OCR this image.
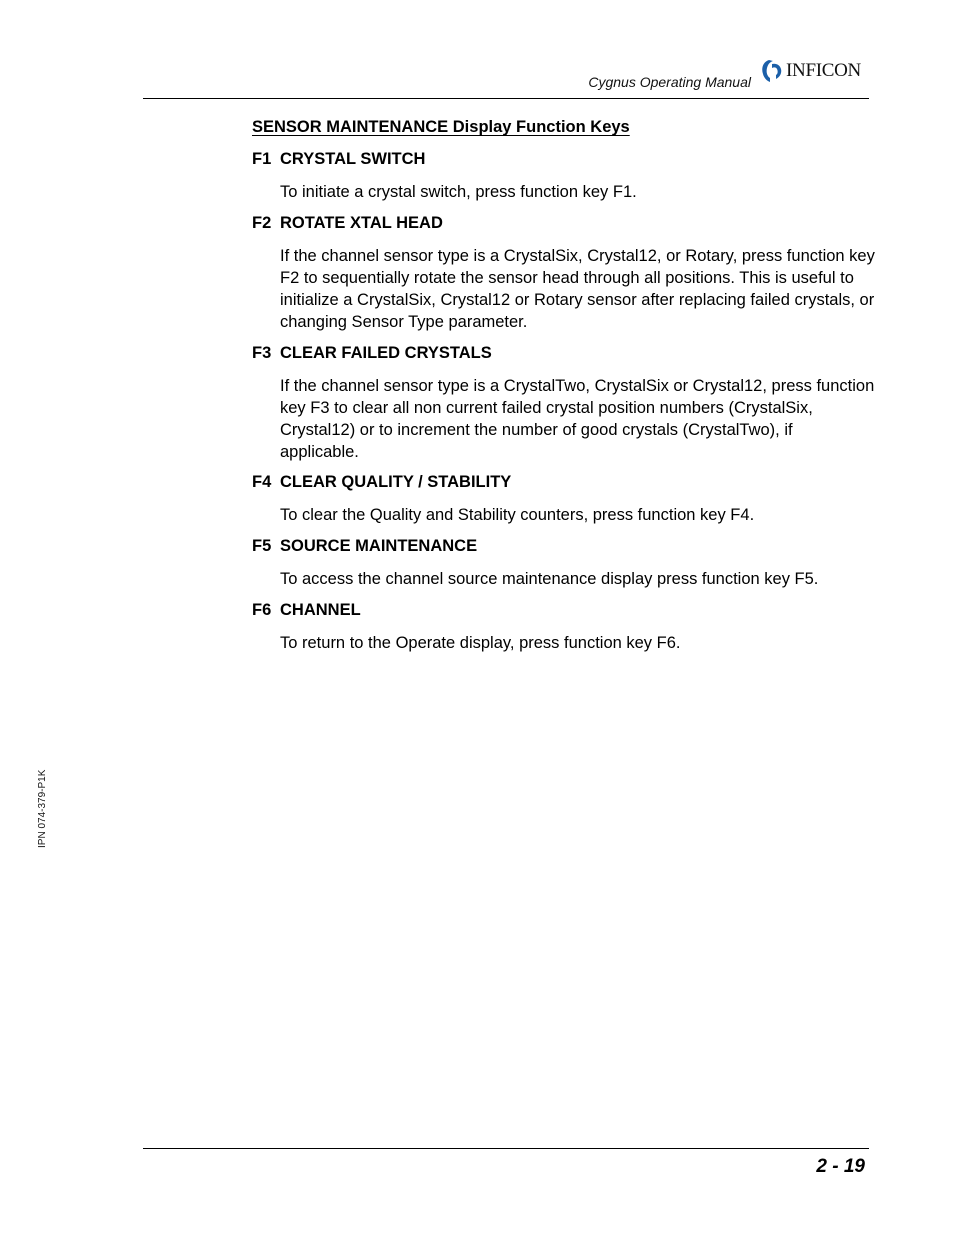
Cygnus Operating Manual
INFICON
SENSOR MAINTENANCE Display Function Keys
F1 CRYSTAL SWITCH
To initiate a crystal switch, press function key F1.
F2 ROTATE XTAL HEAD
If the channel sensor type is a CrystalSix, Crystal12, or Rotary, press function key F2 to sequentially rotate the sensor head through all positions. This is useful to initialize a CrystalSix, Crystal12 or Rotary sensor after replacing failed crystals, or changing Sensor Type parameter.
F3 CLEAR FAILED CRYSTALS
If the channel sensor type is a CrystalTwo, CrystalSix or Crystal12, press function key F3 to clear all non current failed crystal position numbers (CrystalSix, Crystal12) or to increment the number of good crystals (CrystalTwo), if applicable.
F4 CLEAR QUALITY / STABILITY
To clear the Quality and Stability counters, press function key F4.
F5 SOURCE MAINTENANCE
To access the channel source maintenance display press function key F5.
F6 CHANNEL
To return to the Operate display, press function key F6.
IPN 074-379-P1K
2 - 19
